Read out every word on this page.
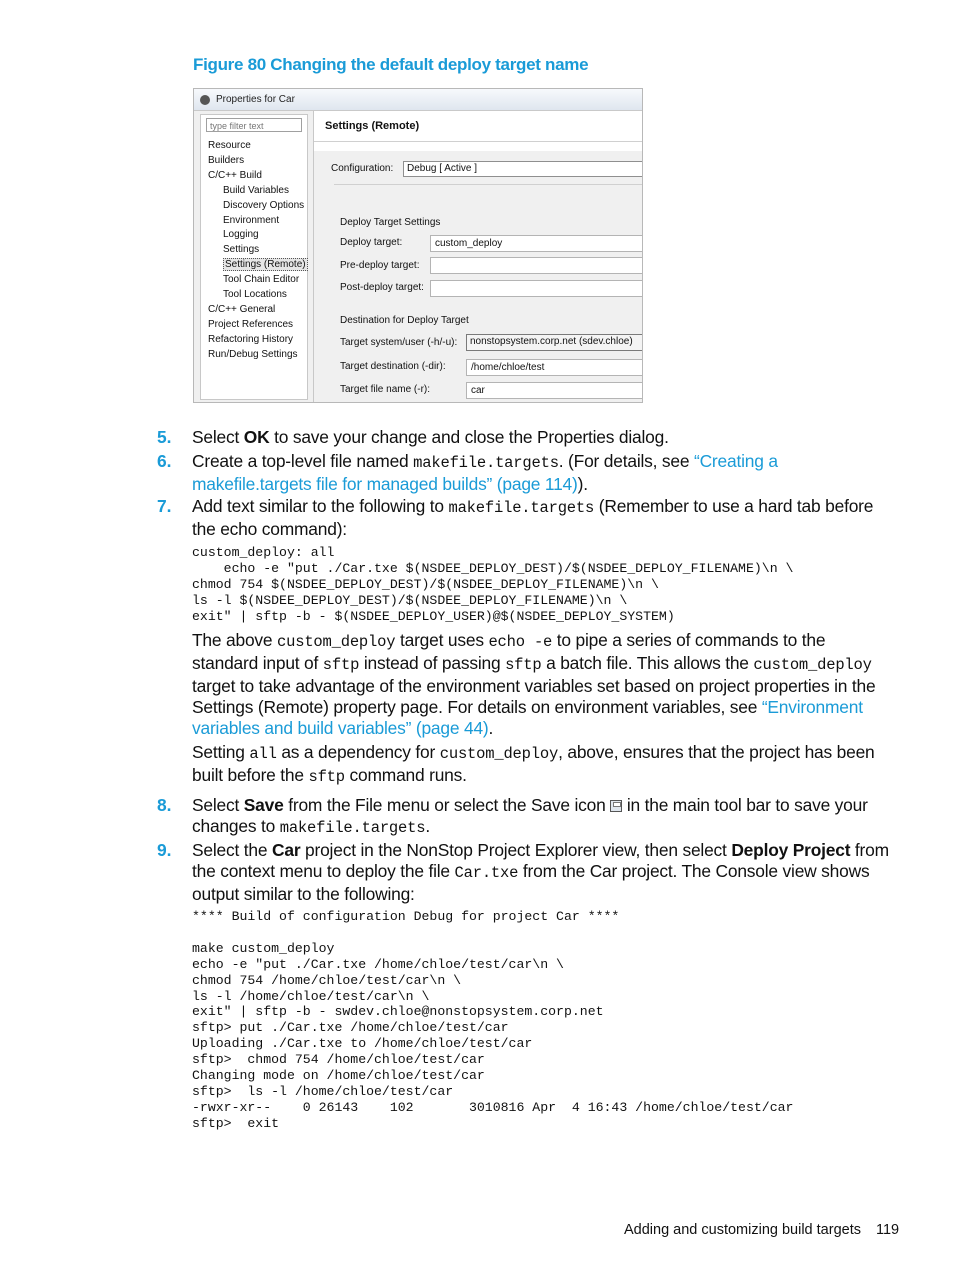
Figure 80 Changing the default deploy target name
Properties for Car
type filter text
Resource
Builders
C/C++ Build
Build Variables
Discovery Options
Environment
Logging
Settings
Settings (Remote)
Tool Chain Editor
Tool Locations
C/C++ General
Project References
Refactoring History
Run/Debug Settings
Settings (Remote)
Configuration:	Debug [ Active ]
Deploy Target Settings
Deploy target:	custom_deploy
Pre-deploy target:
Post-deploy target:
Destination for Deploy Target
Target system/user (-h/-u):	nonstopsystem.corp.net (sdev.chloe)
Target destination (-dir):	/home/chloe/test
Target file name (-r):	car
5. Select OK to save your change and close the Properties dialog.
6. Create a top-level file named makefile.targets. (For details, see “Creating a
makefile.targets file for managed builds” (page 114)).
7. Add text similar to the following to makefile.targets (Remember to use a hard tab before
the echo command):
custom_deploy: all
echo -e "put ./Car.txe $(NSDEE_DEPLOY_DEST)/$(NSDEE_DEPLOY_FILENAME)\n \
chmod 754 $(NSDEE_DEPLOY_DEST)/$(NSDEE_DEPLOY_FILENAME)\n \
ls -l $(NSDEE_DEPLOY_DEST)/$(NSDEE_DEPLOY_FILENAME)\n \
exit" | sftp -b - $(NSDEE_DEPLOY_USER)@$(NSDEE_DEPLOY_SYSTEM)
The above custom_deploy target uses echo -e to pipe a series of commands to the
standard input of sftp instead of passing sftp a batch file. This allows the custom_deploy
target to take advantage of the environment variables set based on project properties in the
Settings (Remote) property page. For details on environment variables, see “Environment
variables and build variables” (page 44).
Setting all as a dependency for custom_deploy, above, ensures that the project has been
built before the sftp command runs.
8. Select Save from the File menu or select the Save icon  in the main tool bar to save your
changes to makefile.targets.
9. Select the Car project in the NonStop Project Explorer view, then select Deploy Project from
the context menu to deploy the file Car.txe from the Car project. The Console view shows
output similar to the following:
**** Build of configuration Debug for project Car ****

make custom_deploy
echo -e "put ./Car.txe /home/chloe/test/car\n \
chmod 754 /home/chloe/test/car\n \
ls -l /home/chloe/test/car\n \
exit" | sftp -b - swdev.chloe@nonstopsystem.corp.net
sftp> put ./Car.txe /home/chloe/test/car
Uploading ./Car.txe to /home/chloe/test/car
sftp>  chmod 754 /home/chloe/test/car
Changing mode on /home/chloe/test/car
sftp>  ls -l /home/chloe/test/car
-rwxr-xr--    0 26143    102       3010816 Apr  4 16:43 /home/chloe/test/car
sftp>  exit
Adding and customizing build targets 119
